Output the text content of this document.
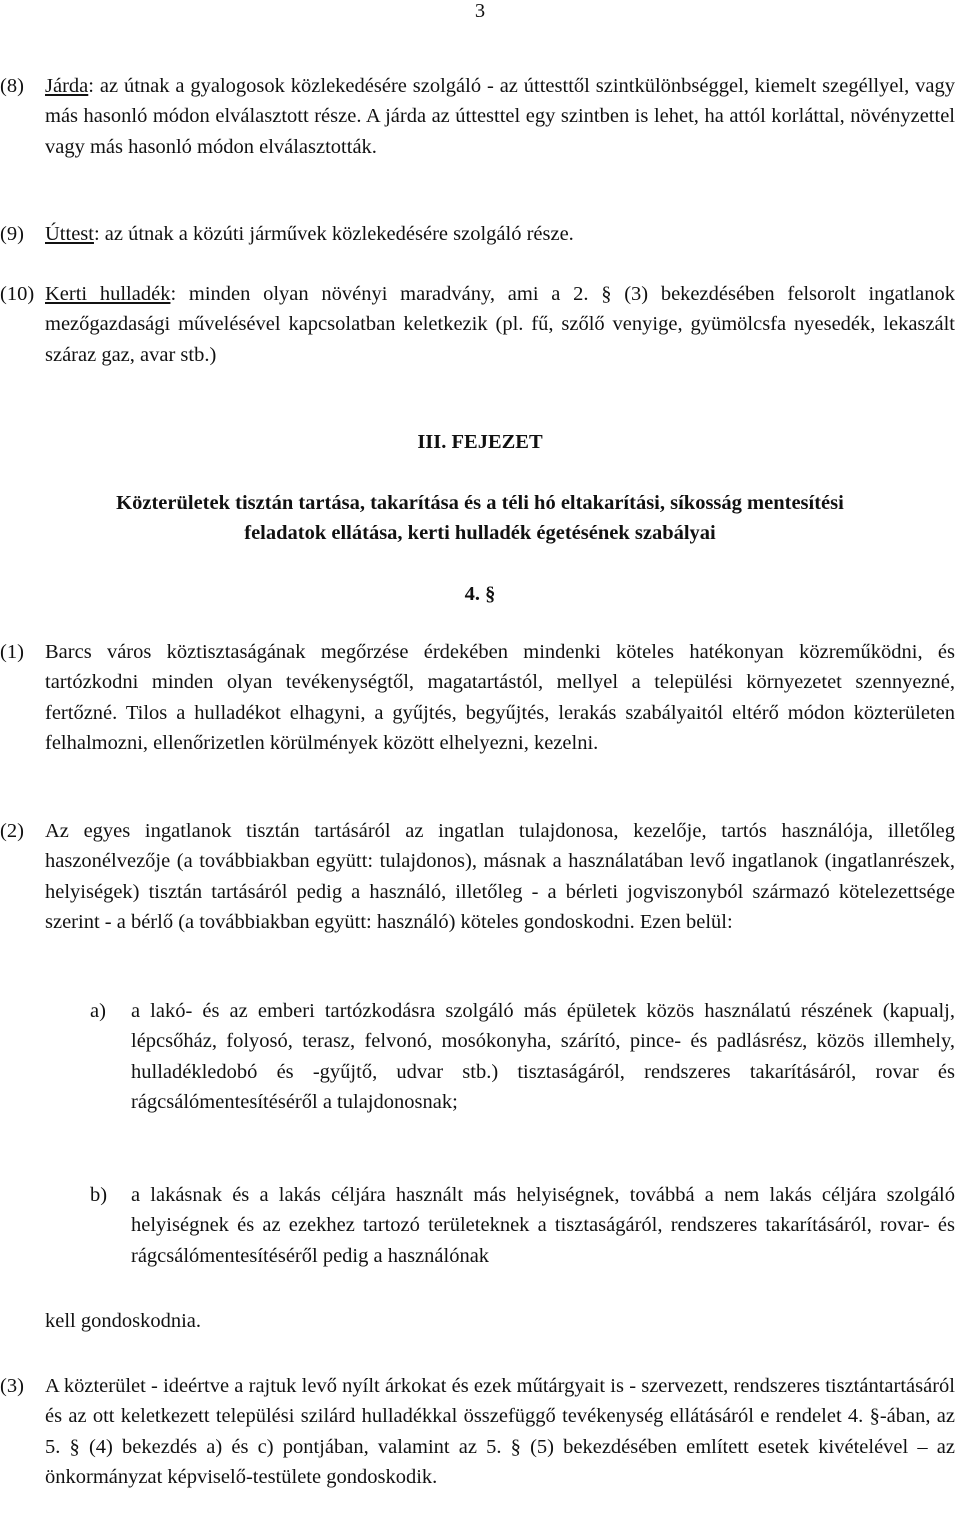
3
(8) Járda: az útnak a gyalogosok közlekedésére szolgáló - az úttesttől szintkülönbséggel, kiemelt szegéllyel, vagy más hasonló módon elválasztott része. A járda az úttesttel egy szintben is lehet, ha attól korláttal, növényzettel vagy más hasonló módon elválasztották.
(9) Úttest: az útnak a közúti járművek közlekedésére szolgáló része.
(10) Kerti hulladék: minden olyan növényi maradvány, ami a 2. § (3) bekezdésében felsorolt ingatlanok mezőgazdasági művelésével kapcsolatban keletkezik (pl. fű, szőlő venyige, gyümölcsfa nyesedék, lekaszált száraz gaz, avar stb.)
III. FEJEZET
Közterületek tisztán tartása, takarítása és a téli hó eltakarítási, síkosság mentesítési
feladatok ellátása, kerti hulladék égetésének szabályai
4. §
(1) Barcs város köztisztaságának megőrzése érdekében mindenki köteles hatékonyan közreműködni, és tartózkodni minden olyan tevékenységtől, magatartástól, mellyel a települési környezetet szennyezné, fertőzné. Tilos a hulladékot elhagyni, a gyűjtés, begyűjtés, lerakás szabályaitól eltérő módon közterületen felhalmozni, ellenőrizetlen körülmények között elhelyezni, kezelni.
(2) Az egyes ingatlanok tisztán tartásáról az ingatlan tulajdonosa, kezelője, tartós használója, illetőleg haszonélvezője (a továbbiakban együtt: tulajdonos), másnak a használatában levő ingatlanok (ingatlanrészek, helyiségek) tisztán tartásáról pedig a használó, illetőleg - a bérleti jogviszonyból származó kötelezettsége szerint - a bérlő (a továbbiakban együtt: használó) köteles gondoskodni. Ezen belül:
a) a lakó- és az emberi tartózkodásra szolgáló más épületek közös használatú részének (kapualj, lépcsőház, folyosó, terasz, felvonó, mosókonyha, szárító, pince- és padlásrész, közös illemhely, hulladékledobó és -gyűjtő, udvar stb.) tisztaságáról, rendszeres takarításáról, rovar és rágcsálómentesítéséről a tulajdonosnak;
b) a lakásnak és a lakás céljára használt más helyiségnek, továbbá a nem lakás céljára szolgáló helyiségnek és az ezekhez tartozó területeknek a tisztaságáról, rendszeres takarításáról, rovar- és rágcsálómentesítéséről pedig a használónak
kell gondoskodnia.
(3) A közterület - ideértve a rajtuk levő nyílt árkokat és ezek műtárgyait is - szervezett, rendszeres tisztántartásáról és az ott keletkezett települési szilárd hulladékkal összefüggő tevékenység ellátásáról e rendelet 4. §-ában, az 5. § (4) bekezdés a) és c) pontjában, valamint az 5. § (5) bekezdésében említett esetek kivételével – az önkormányzat képviselő-testülete gondoskodik.
